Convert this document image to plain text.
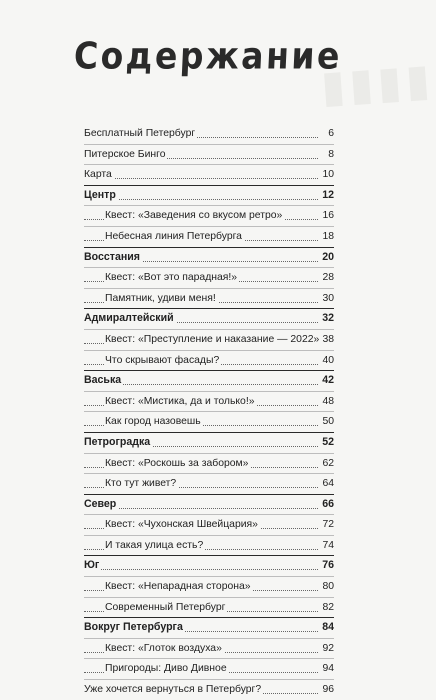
▮▮▮▮
Содержание
Бесплатный Петербург	6
Питерское Бинго	8
Карта	10
Центр	12
Квест: «Заведения со вкусом ретро»	16
Небесная линия Петербурга	18
Восстания	20
Квест: «Вот это парадная!»	28
Памятник, удиви меня!	30
Адмиралтейский	32
Квест: «Преступление и наказание — 2022» 38
Что скрывают фасады?	40
Васька	42
Квест: «Мистика, да и только!»	48
Как город назовешь	50
Петроградка	52
Квест: «Роскошь за забором»	62
Кто тут живет?	64
Север	66
Квест: «Чухонская Швейцария»	72
И такая улица есть?	74
Юг	76
Квест: «Непарадная сторона»	80
Современный Петербург	82
Вокруг Петербурга	84
Квест: «Глоток воздуха»	92
Пригороды: Диво Дивное	94
Уже хочется вернуться в Петербург?	96
